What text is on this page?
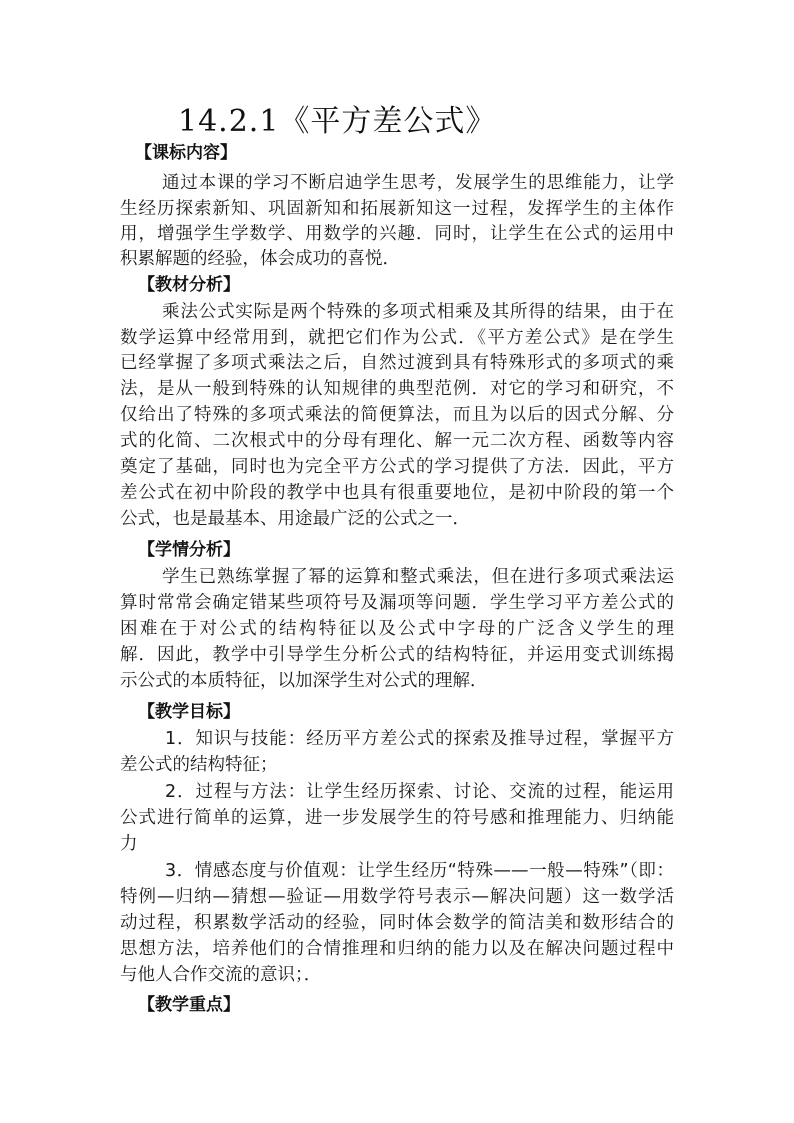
14.2.1《平方差公式》
【课标内容】
通过本课的学习不断启迪学生思考，发展学生的思维能力，让学
生经历探索新知、巩固新知和拓展新知这一过程，发挥学生的主体作
用，增强学生学数学、用数学的兴趣．同时，让学生在公式的运用中
积累解题的经验，体会成功的喜悦．
【教材分析】
乘法公式实际是两个特殊的多项式相乘及其所得的结果，由于在
数学运算中经常用到，就把它们作为公式．《平方差公式》是在学生
已经掌握了多项式乘法之后，自然过渡到具有特殊形式的多项式的乘
法，是从一般到特殊的认知规律的典型范例．对它的学习和研究，不
仅给出了特殊的多项式乘法的简便算法，而且为以后的因式分解、分
式的化简、二次根式中的分母有理化、解一元二次方程、函数等内容
奠定了基础，同时也为完全平方公式的学习提供了方法．因此，平方
差公式在初中阶段的教学中也具有很重要地位，是初中阶段的第一个
公式，也是最基本、用途最广泛的公式之一．
【学情分析】
学生已熟练掌握了幂的运算和整式乘法，但在进行多项式乘法运
算时常常会确定错某些项符号及漏项等问题．学生学习平方差公式的
困难在于对公式的结构特征以及公式中字母的广泛含义学生的理
解．因此，教学中引导学生分析公式的结构特征，并运用变式训练揭
示公式的本质特征，以加深学生对公式的理解．
【教学目标】
1．知识与技能：经历平方差公式的探索及推导过程，掌握平方
差公式的结构特征；
2．过程与方法：让学生经历探索、讨论、交流的过程，能运用
公式进行简单的运算，进一步发展学生的符号感和推理能力、归纳能
力
3．情感态度与价值观：让学生经历“特殊——一般—特殊”（即：
特例—归纳—猜想—验证—用数学符号表示—解决问题）这一数学活
动过程，积累数学活动的经验，同时体会数学的简洁美和数形结合的
思想方法，培养他们的合情推理和归纳的能力以及在解决问题过程中
与他人合作交流的意识；．
【教学重点】
